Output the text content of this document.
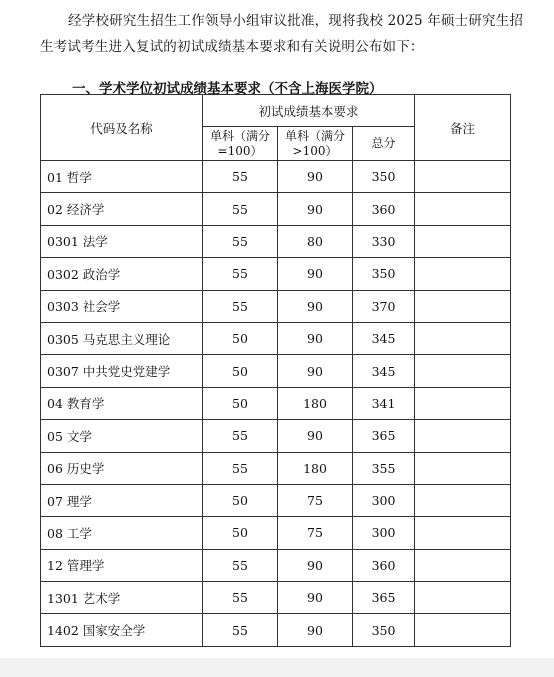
经学校研究生招生工作领导小组审议批准，现将我校 2025 年硕士研究生招
生考试考生进入复试的初试成绩基本要求和有关说明公布如下：
一、学术学位初试成绩基本要求（不含上海医学院）
代码及名称	初试成绩基本要求			备注
	单科（满分=100）	单科（满分>100）	总分	
01 哲学	55	90	350	
02 经济学	55	90	360	
0301 法学	55	80	330	
0302 政治学	55	90	350	
0303 社会学	55	90	370	
0305 马克思主义理论	50	90	345	
0307 中共党史党建学	50	90	345	
04 教育学	50	180	341	
05 文学	55	90	365	
06 历史学	55	180	355	
07 理学	50	75	300	
08 工学	50	75	300	
12 管理学	55	90	360	
1301 艺术学	55	90	365	
1402 国家安全学	55	90	350	
